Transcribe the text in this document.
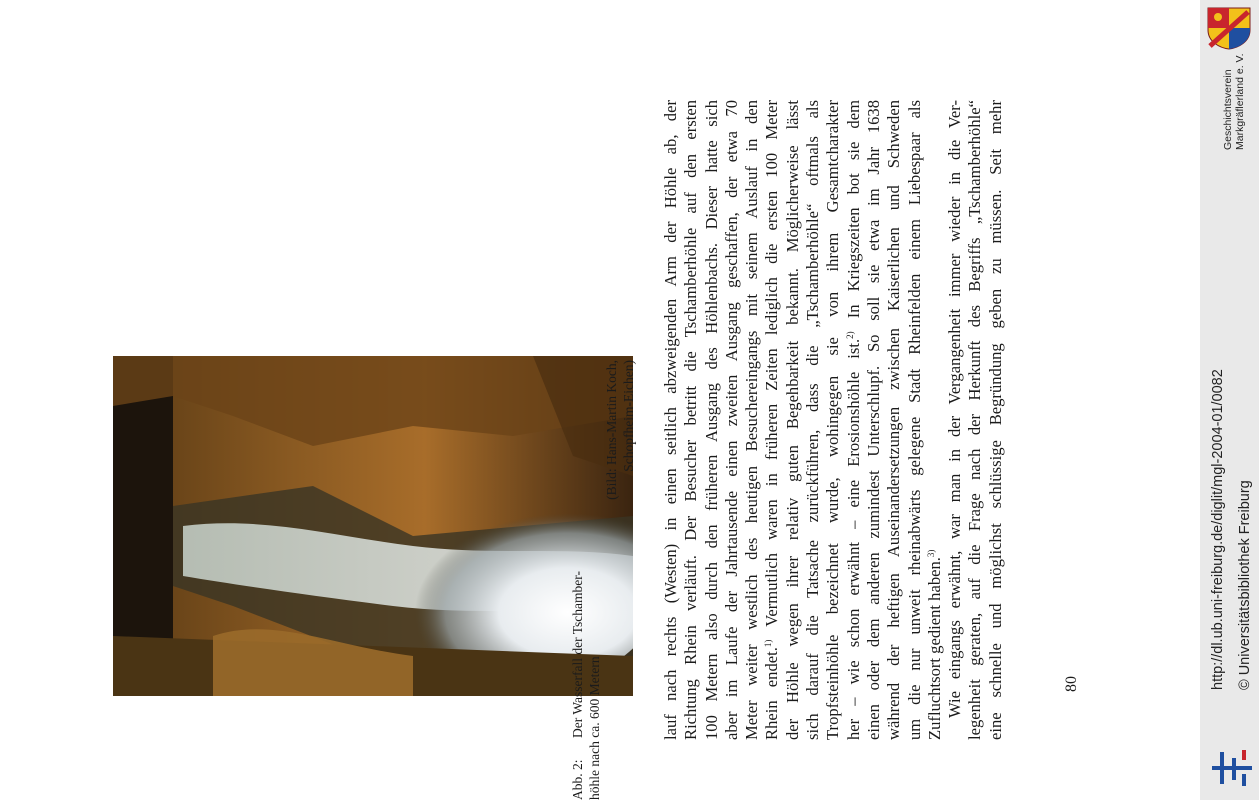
Abb. 2:Der Wasserfall der Tschamber- höhle nach ca. 600 Metern
(Bild: Hans-Martin Koch, Schopfheim-Eichen) lauf nach rechts (Westen) in einen seitlich abzweigenden Arm der Höhle ab, der Richtung Rhein verläuft. Der Besucher betritt die Tschamberhöhle auf den ersten 100 Metern also durch den früheren Ausgang des Höhlenbachs. Dieser hatte sich aber im Laufe der Jahrtausende einen zweiten Ausgang geschaffen, der etwa 70 Meter weiter westlich des heutigen Besuchereingangs mit seinem Auslauf in den Rhein endet.$^{1)}$ Vermutlich waren in früheren Zeiten lediglich die ersten 100 Meter der Höhle wegen ihrer relativ guten Begehbarkeit bekannt. Möglicherweise lässt sich darauf die Tatsache zurückführen, dass die „Tschamberhöhle“ oftmals als Tropfsteinhöhle bezeichnet wurde, wohingegen sie von ihrem Gesamtcharakter her – wie schon erwähnt – eine Erosionshöhle ist.$^{2)}$ In Kriegszeiten bot sie dem einen oder dem anderen zumindest Unterschlupf. So soll sie etwa im Jahr 1638 während der heftigen Auseinandersetzungen zwischen Kaiserlichen und Schweden um die nur unweit rheinabwärts gelegene Stadt Rheinfelden einem Liebespaar als Zufluchtsort gedient haben.$^{3)}$ Wie eingangs erwähnt, war man in der Vergangenheit immer wieder in die Ver- legenheit geraten, auf die Frage nach der Herkunft des Begriffs „Tschamberhöhle“ eine schnelle und möglichst schlüssige Begründung geben zu müssen. Seit mehr	80
Geschichtsverein Markgräflerland e. V.
http://dl.ub.uni-freiburg.de/diglit/mgl-2004-01/0082 © Universitätsbibliothek Freiburg
